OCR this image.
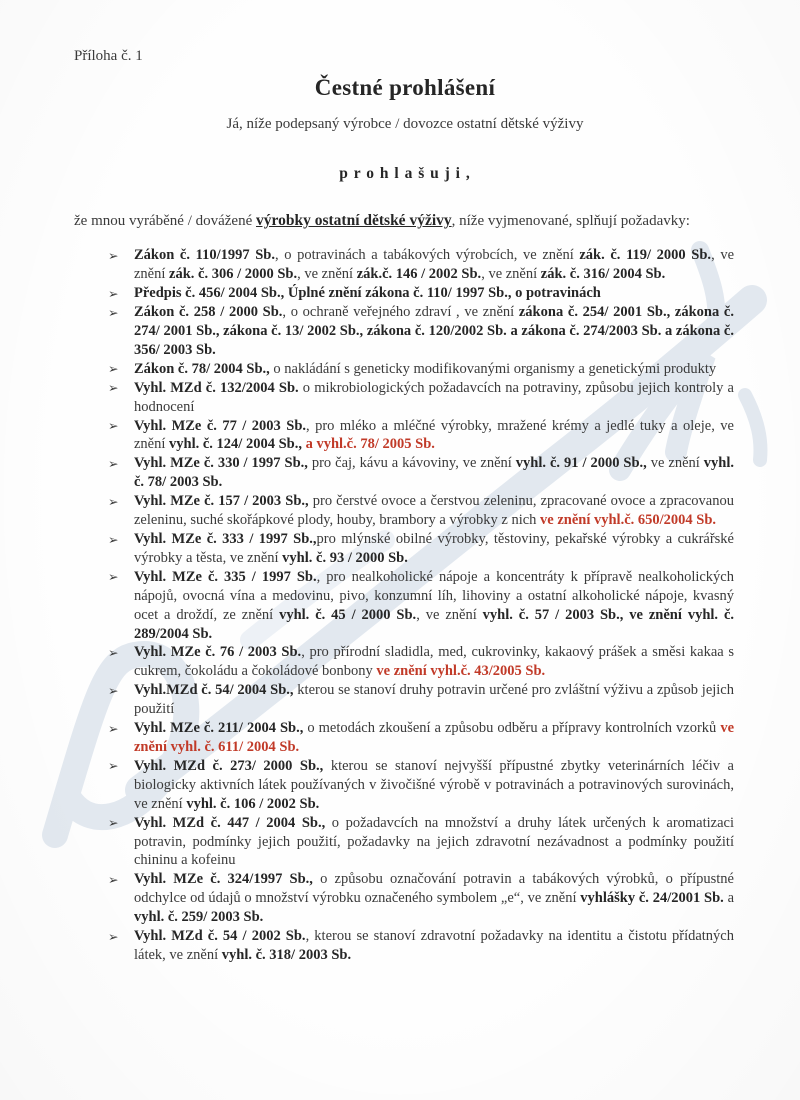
Příloha č. 1
Čestné prohlášení
Já, níže podepsaný výrobce / dovozce ostatní dětské výživy
p r o h l a š u j i ,

že mnou vyráběné / dovážené výrobky ostatní dětské výživy, níže vyjmenované, splňují požadavky:

➢ Zákon č. 110/1997 Sb., o potravinách a tabákových výrobcích, ve znění zák. č. 119/ 2000 Sb., ve znění zák. č. 306 / 2000 Sb., ve znění zák.č. 146 / 2002 Sb., ve znění zák. č. 316/ 2004 Sb.
➢ Předpis č. 456/ 2004 Sb., Úplné znění zákona č. 110/ 1997 Sb., o potravinách
➢ Zákon č. 258 / 2000 Sb., o ochraně veřejného zdraví , ve znění zákona č. 254/ 2001 Sb., zákona č. 274/ 2001 Sb., zákona č. 13/ 2002 Sb., zákona č. 120/2002 Sb. a zákona č. 274/2003 Sb. a zákona č. 356/ 2003 Sb.
➢ Zákon č. 78/ 2004 Sb., o nakládání s geneticky modifikovanými organismy a genetickými produkty
➢ Vyhl. MZd č. 132/2004 Sb. o mikrobiologických požadavcích na potraviny, způsobu jejich kontroly a hodnocení
➢ Vyhl. MZe č. 77 / 2003 Sb., pro mléko a mléčné výrobky, mražené krémy a jedlé tuky a oleje, ve znění vyhl. č. 124/ 2004 Sb., a vyhl.č. 78/ 2005 Sb.
➢ Vyhl. MZe č. 330 / 1997 Sb., pro čaj, kávu a kávoviny, ve znění vyhl. č. 91 / 2000 Sb., ve znění vyhl. č. 78/ 2003 Sb.
➢ Vyhl. MZe č. 157 / 2003 Sb., pro čerstvé ovoce a čerstvou zeleninu, zpracované ovoce a zpracovanou zeleninu, suché skořápkové plody, houby, brambory a výrobky z nich ve znění vyhl.č. 650/2004 Sb.
➢ Vyhl. MZe č. 333 / 1997 Sb.,pro mlýnské obilné výrobky, těstoviny, pekařské výrobky a cukrářské výrobky a těsta, ve znění vyhl. č. 93 / 2000 Sb.
➢ Vyhl. MZe č. 335 / 1997 Sb., pro nealkoholické nápoje a koncentráty k přípravě nealkoholických nápojů, ovocná vína a medovinu, pivo, konzumní líh, lihoviny a ostatní alkoholické nápoje, kvasný ocet a droždí, ze znění vyhl. č. 45 / 2000 Sb., ve znění vyhl. č. 57 / 2003 Sb., ve znění vyhl. č. 289/2004 Sb.
➢ Vyhl. MZe č. 76 / 2003 Sb., pro přírodní sladidla, med, cukrovinky, kakaový prášek a směsi kakaa s cukrem, čokoládu a čokoládové bonbony ve znění vyhl.č. 43/2005 Sb.
➢ Vyhl.MZd č. 54/ 2004 Sb., kterou se stanoví druhy potravin určené pro zvláštní výživu a způsob jejich použití
➢ Vyhl. MZe č. 211/ 2004 Sb., o metodách zkoušení a způsobu odběru a přípravy kontrolních vzorků ve znění vyhl. č. 611/ 2004 Sb.
➢ Vyhl. MZd č. 273/ 2000 Sb., kterou se stanoví nejvyšší přípustné zbytky veterinárních léčiv a biologicky aktivních látek používaných v živočišné výrobě v potravinách a potravinových surovinách, ve znění vyhl. č. 106 / 2002 Sb.
➢ Vyhl. MZd č. 447 / 2004 Sb., o požadavcích na množství a druhy látek určených k aromatizaci potravin, podmínky jejich použití, požadavky na jejich zdravotní nezávadnost a podmínky použití chininu a kofeinu
➢ Vyhl. MZe č. 324/1997 Sb., o způsobu označování potravin a tabákových výrobků, o přípustné odchylce od údajů o množství výrobku označeného symbolem „e“, ve znění vyhlášky č. 24/2001 Sb. a vyhl. č. 259/ 2003 Sb.
➢ Vyhl. MZd č. 54 / 2002 Sb., kterou se stanoví zdravotní požadavky na identitu a čistotu přídatných látek, ve znění vyhl. č. 318/ 2003 Sb.
